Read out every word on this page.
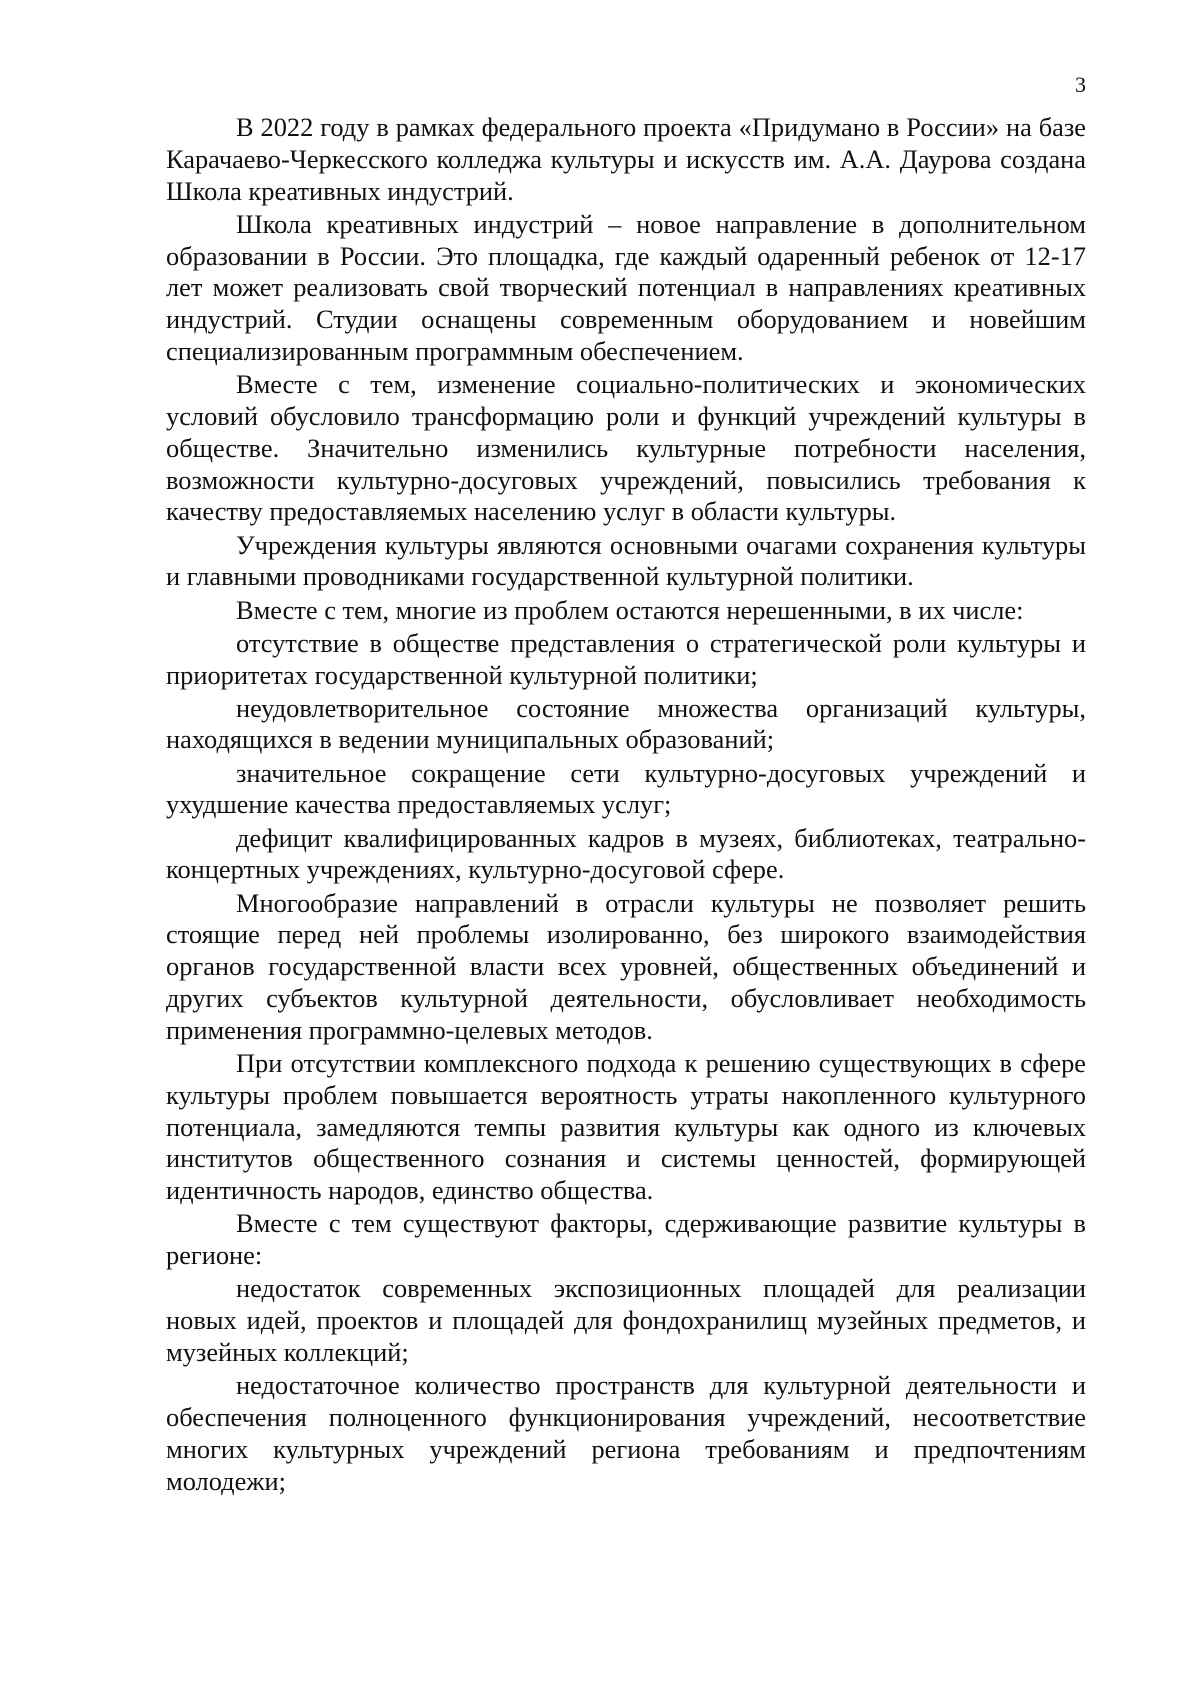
3

В 2022 году в рамках федерального проекта «Придумано в России» на базе Карачаево-Черкесского колледжа культуры и искусств им. А.А. Даурова создана Школа креативных индустрий.

Школа креативных индустрий – новое направление в дополнительном образовании в России. Это площадка, где каждый одаренный ребенок от 12-17 лет может реализовать свой творческий потенциал в направлениях креативных индустрий. Студии оснащены современным оборудованием и новейшим специализированным программным обеспечением.

Вместе с тем, изменение социально-политических и экономических условий обусловило трансформацию роли и функций учреждений культуры в обществе. Значительно изменились культурные потребности населения, возможности культурно-досуговых учреждений, повысились требования к качеству предоставляемых населению услуг в области культуры.

Учреждения культуры являются основными очагами сохранения культуры и главными проводниками государственной культурной политики.

Вместе с тем, многие из проблем остаются нерешенными, в их числе:

отсутствие в обществе представления о стратегической роли культуры и приоритетах государственной культурной политики;

неудовлетворительное состояние множества организаций культуры, находящихся в ведении муниципальных образований;

значительное сокращение сети культурно-досуговых учреждений и ухудшение качества предоставляемых услуг;

дефицит квалифицированных кадров в музеях, библиотеках, театрально-концертных учреждениях, культурно-досуговой сфере.

Многообразие направлений в отрасли культуры не позволяет решить стоящие перед ней проблемы изолированно, без широкого взаимодействия органов государственной власти всех уровней, общественных объединений и других субъектов культурной деятельности, обусловливает необходимость применения программно-целевых методов.

При отсутствии комплексного подхода к решению существующих в сфере культуры проблем повышается вероятность утраты накопленного культурного потенциала, замедляются темпы развития культуры как одного из ключевых институтов общественного сознания и системы ценностей, формирующей идентичность народов, единство общества.

Вместе с тем существуют факторы, сдерживающие развитие культуры в регионе:

недостаток современных экспозиционных площадей для реализации новых идей, проектов и площадей для фондохранилищ музейных предметов, и музейных коллекций;

недостаточное количество пространств для культурной деятельности и обеспечения полноценного функционирования учреждений, несоответствие многих культурных учреждений региона требованиям и предпочтениям молодежи;
